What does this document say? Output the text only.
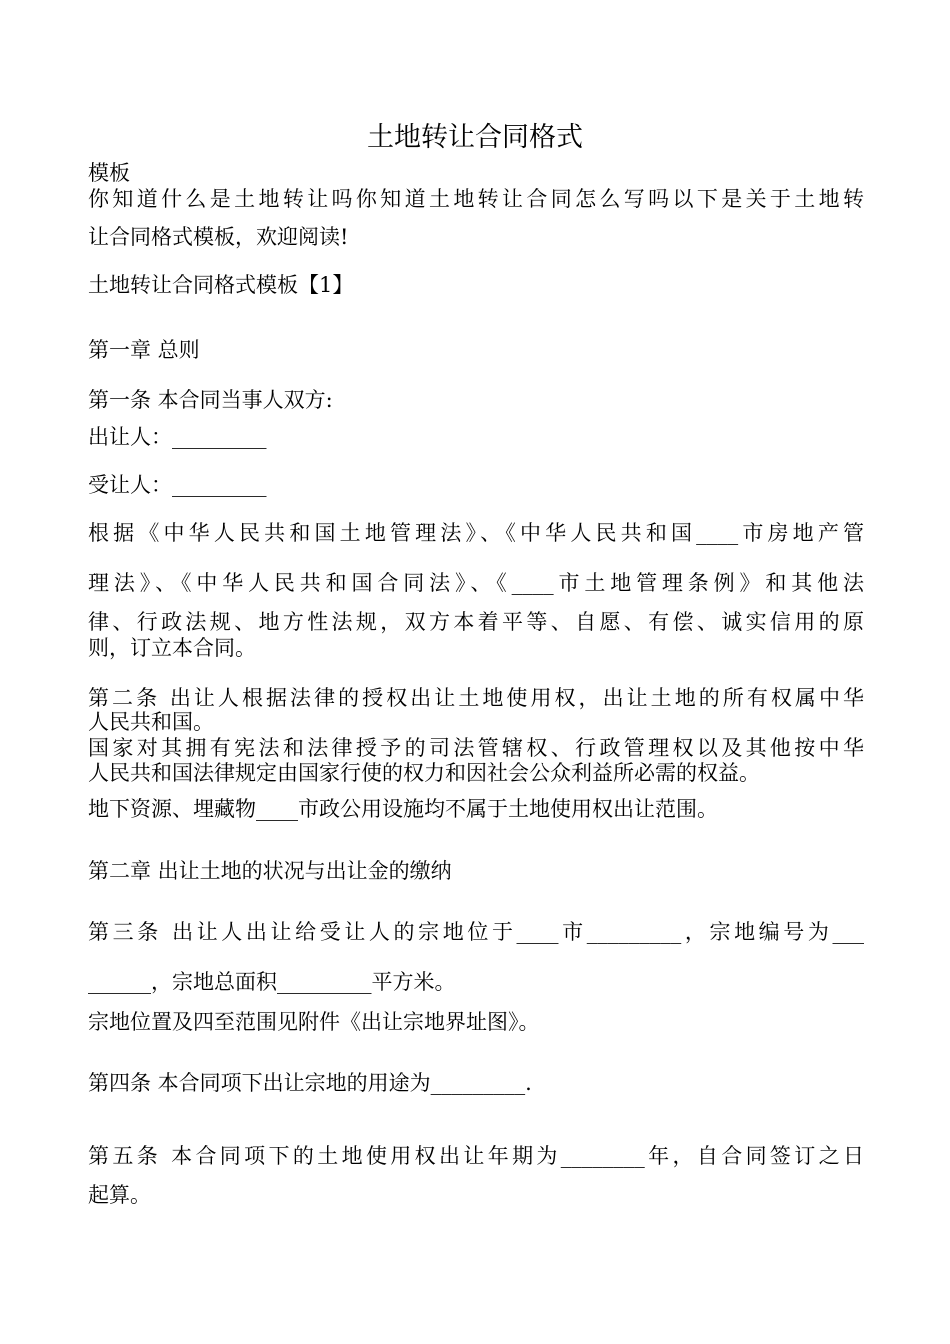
土地转让合同格式
模板
你知道什么是土地转让吗你知道土地转让合同怎么写吗以下是关于土地转
让合同格式模板，欢迎阅读!
土地转让合同格式模板【1】
第一章 总则
第一条 本合同当事人双方:
出让人：_________
受让人：_________
根据《中华人民共和国土地管理法》、《中华人民共和国____市房地产管
理法》、《中华人民共和国合同法》、《____市土地管理条例》和其他法
律、行政法规、地方性法规，双方本着平等、自愿、有偿、诚实信用的原
则，订立本合同。
第二条 出让人根据法律的授权出让土地使用权，出让土地的所有权属中华
人民共和国。
国家对其拥有宪法和法律授予的司法管辖权、行政管理权以及其他按中华
人民共和国法律规定由国家行使的权力和因社会公众利益所必需的权益。
地下资源、埋藏物____市政公用设施均不属于土地使用权出让范围。
第二章 出让土地的状况与出让金的缴纳
第三条 出让人出让给受让人的宗地位于____市_________，宗地编号为___
______，宗地总面积_________平方米。
宗地位置及四至范围见附件《出让宗地界址图》。
第四条 本合同项下出让宗地的用途为_________.
第五条 本合同项下的土地使用权出让年期为________年，自合同签订之日
起算。
